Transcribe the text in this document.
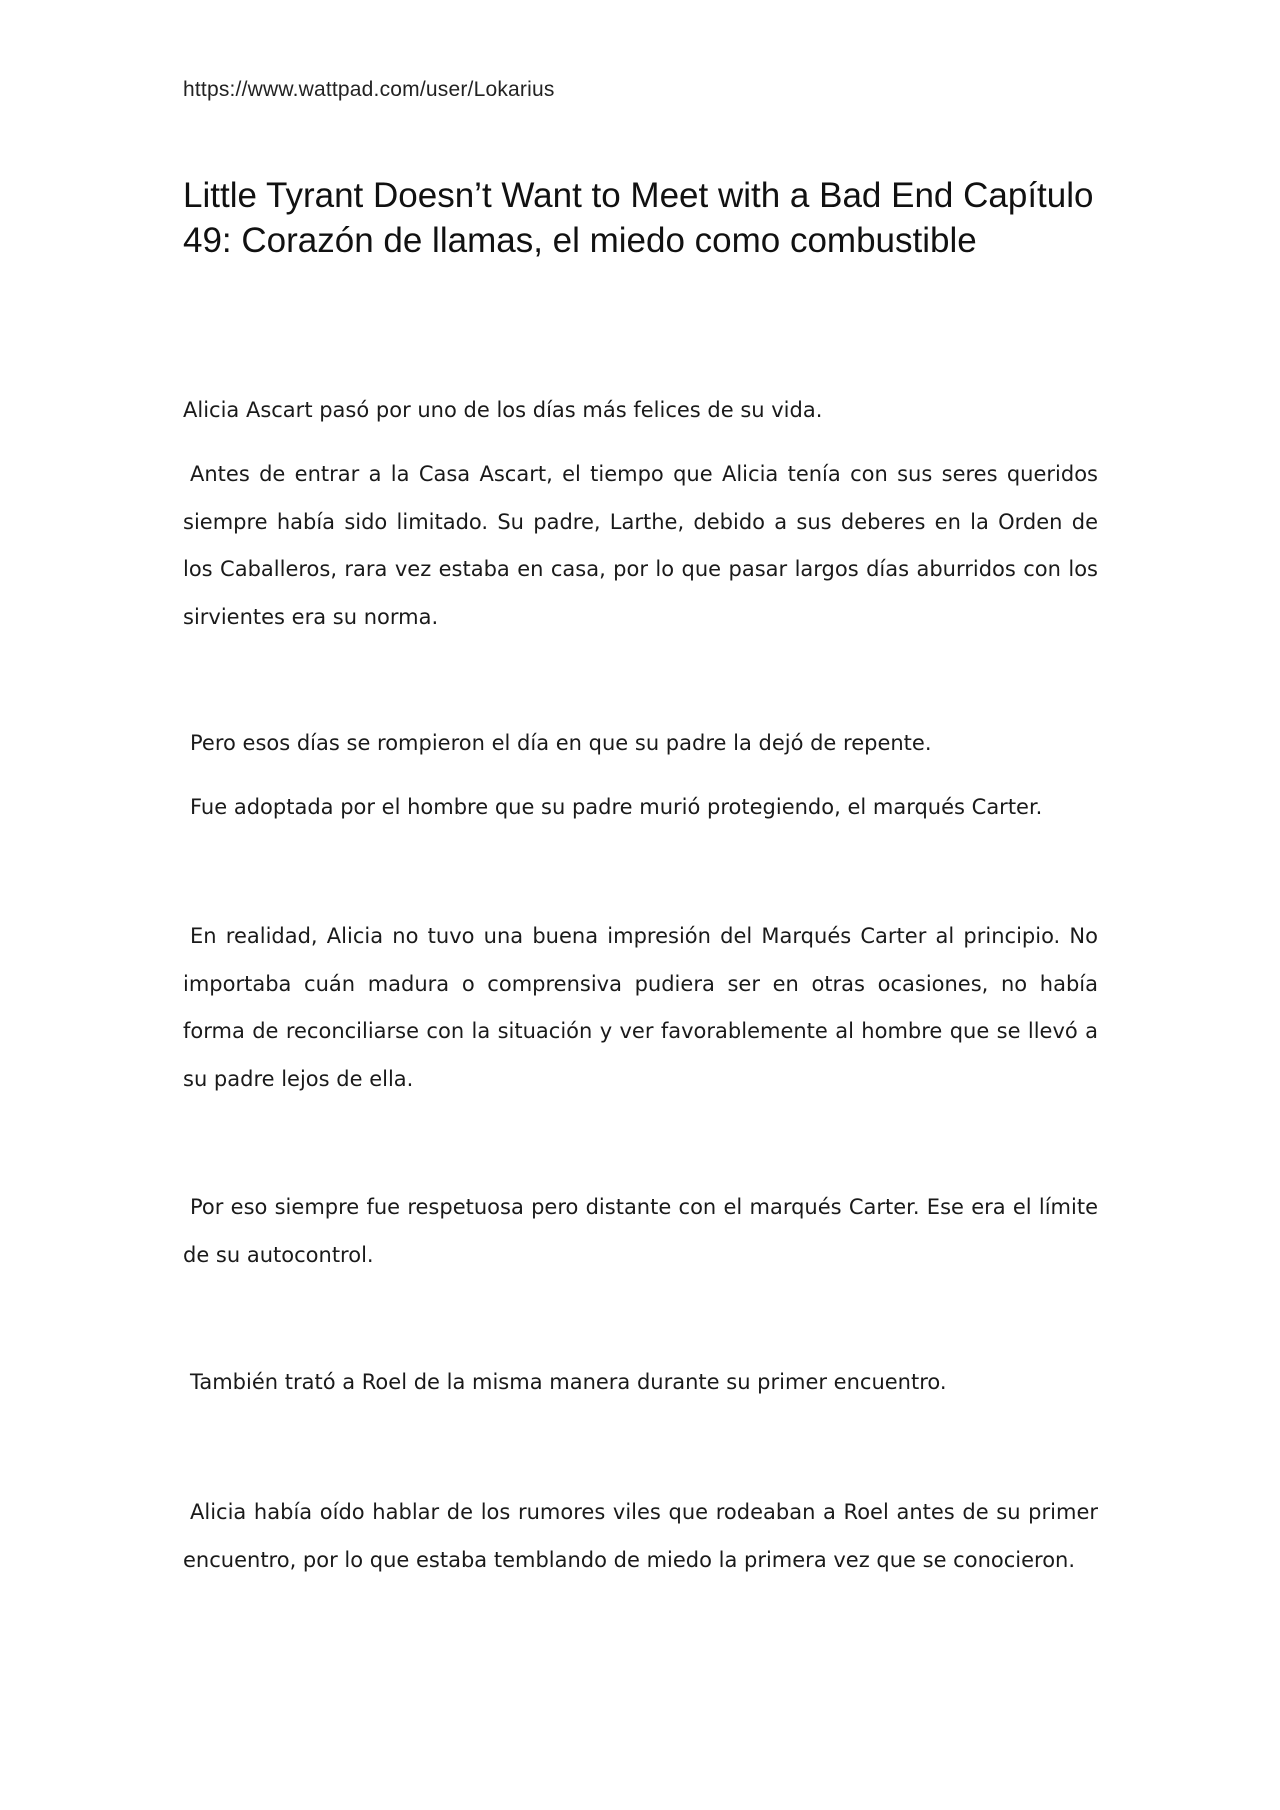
https://www.wattpad.com/user/Lokarius
Little Tyrant Doesn’t Want to Meet with a Bad End Capítulo 49: Corazón de llamas, el miedo como combustible

Alicia Ascart pasó por uno de los días más felices de su vida.

Antes de entrar a la Casa Ascart, el tiempo que Alicia tenía con sus seres queridos siempre había sido limitado. Su padre, Larthe, debido a sus deberes en la Orden de los Caballeros, rara vez estaba en casa, por lo que pasar largos días aburridos con los sirvientes era su norma.

Pero esos días se rompieron el día en que su padre la dejó de repente.

Fue adoptada por el hombre que su padre murió protegiendo, el marqués Carter.

En realidad, Alicia no tuvo una buena impresión del Marqués Carter al principio. No importaba cuán madura o comprensiva pudiera ser en otras ocasiones, no había forma de reconciliarse con la situación y ver favorablemente al hombre que se llevó a su padre lejos de ella.

Por eso siempre fue respetuosa pero distante con el marqués Carter. Ese era el límite de su autocontrol.

También trató a Roel de la misma manera durante su primer encuentro.

Alicia había oído hablar de los rumores viles que rodeaban a Roel antes de su primer encuentro, por lo que estaba temblando de miedo la primera vez que se conocieron.
